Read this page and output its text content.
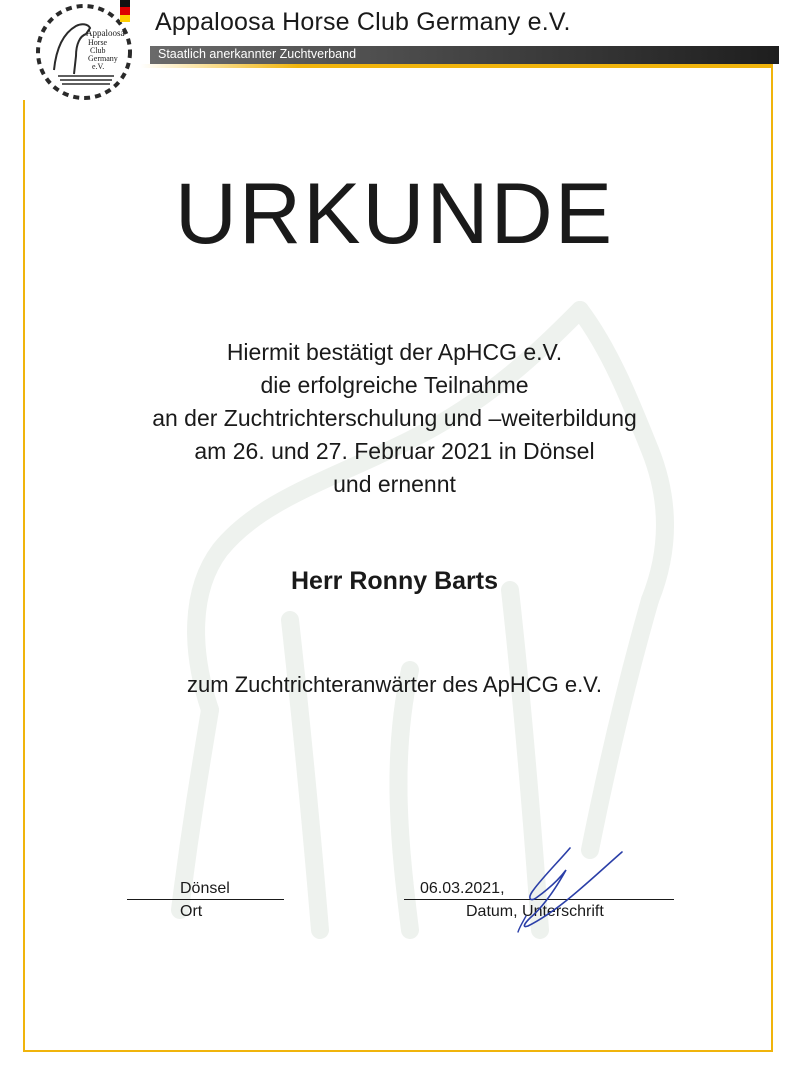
Appaloosa
Horse
Club
Germany
e.V.
Appaloosa Horse Club Germany e.V.
Staatlich anerkannter Zuchtverband
URKUNDE
Hiermit bestätigt der ApHCG e.V.
die erfolgreiche Teilnahme
an der Zuchtrichterschulung und –weiterbildung
am 26. und 27. Februar 2021 in Dönsel
und ernennt
Herr Ronny Barts
zum Zuchtrichteranwärter des ApHCG e.V.
Dönsel
Ort
06.03.2021,
Datum, Unterschrift
